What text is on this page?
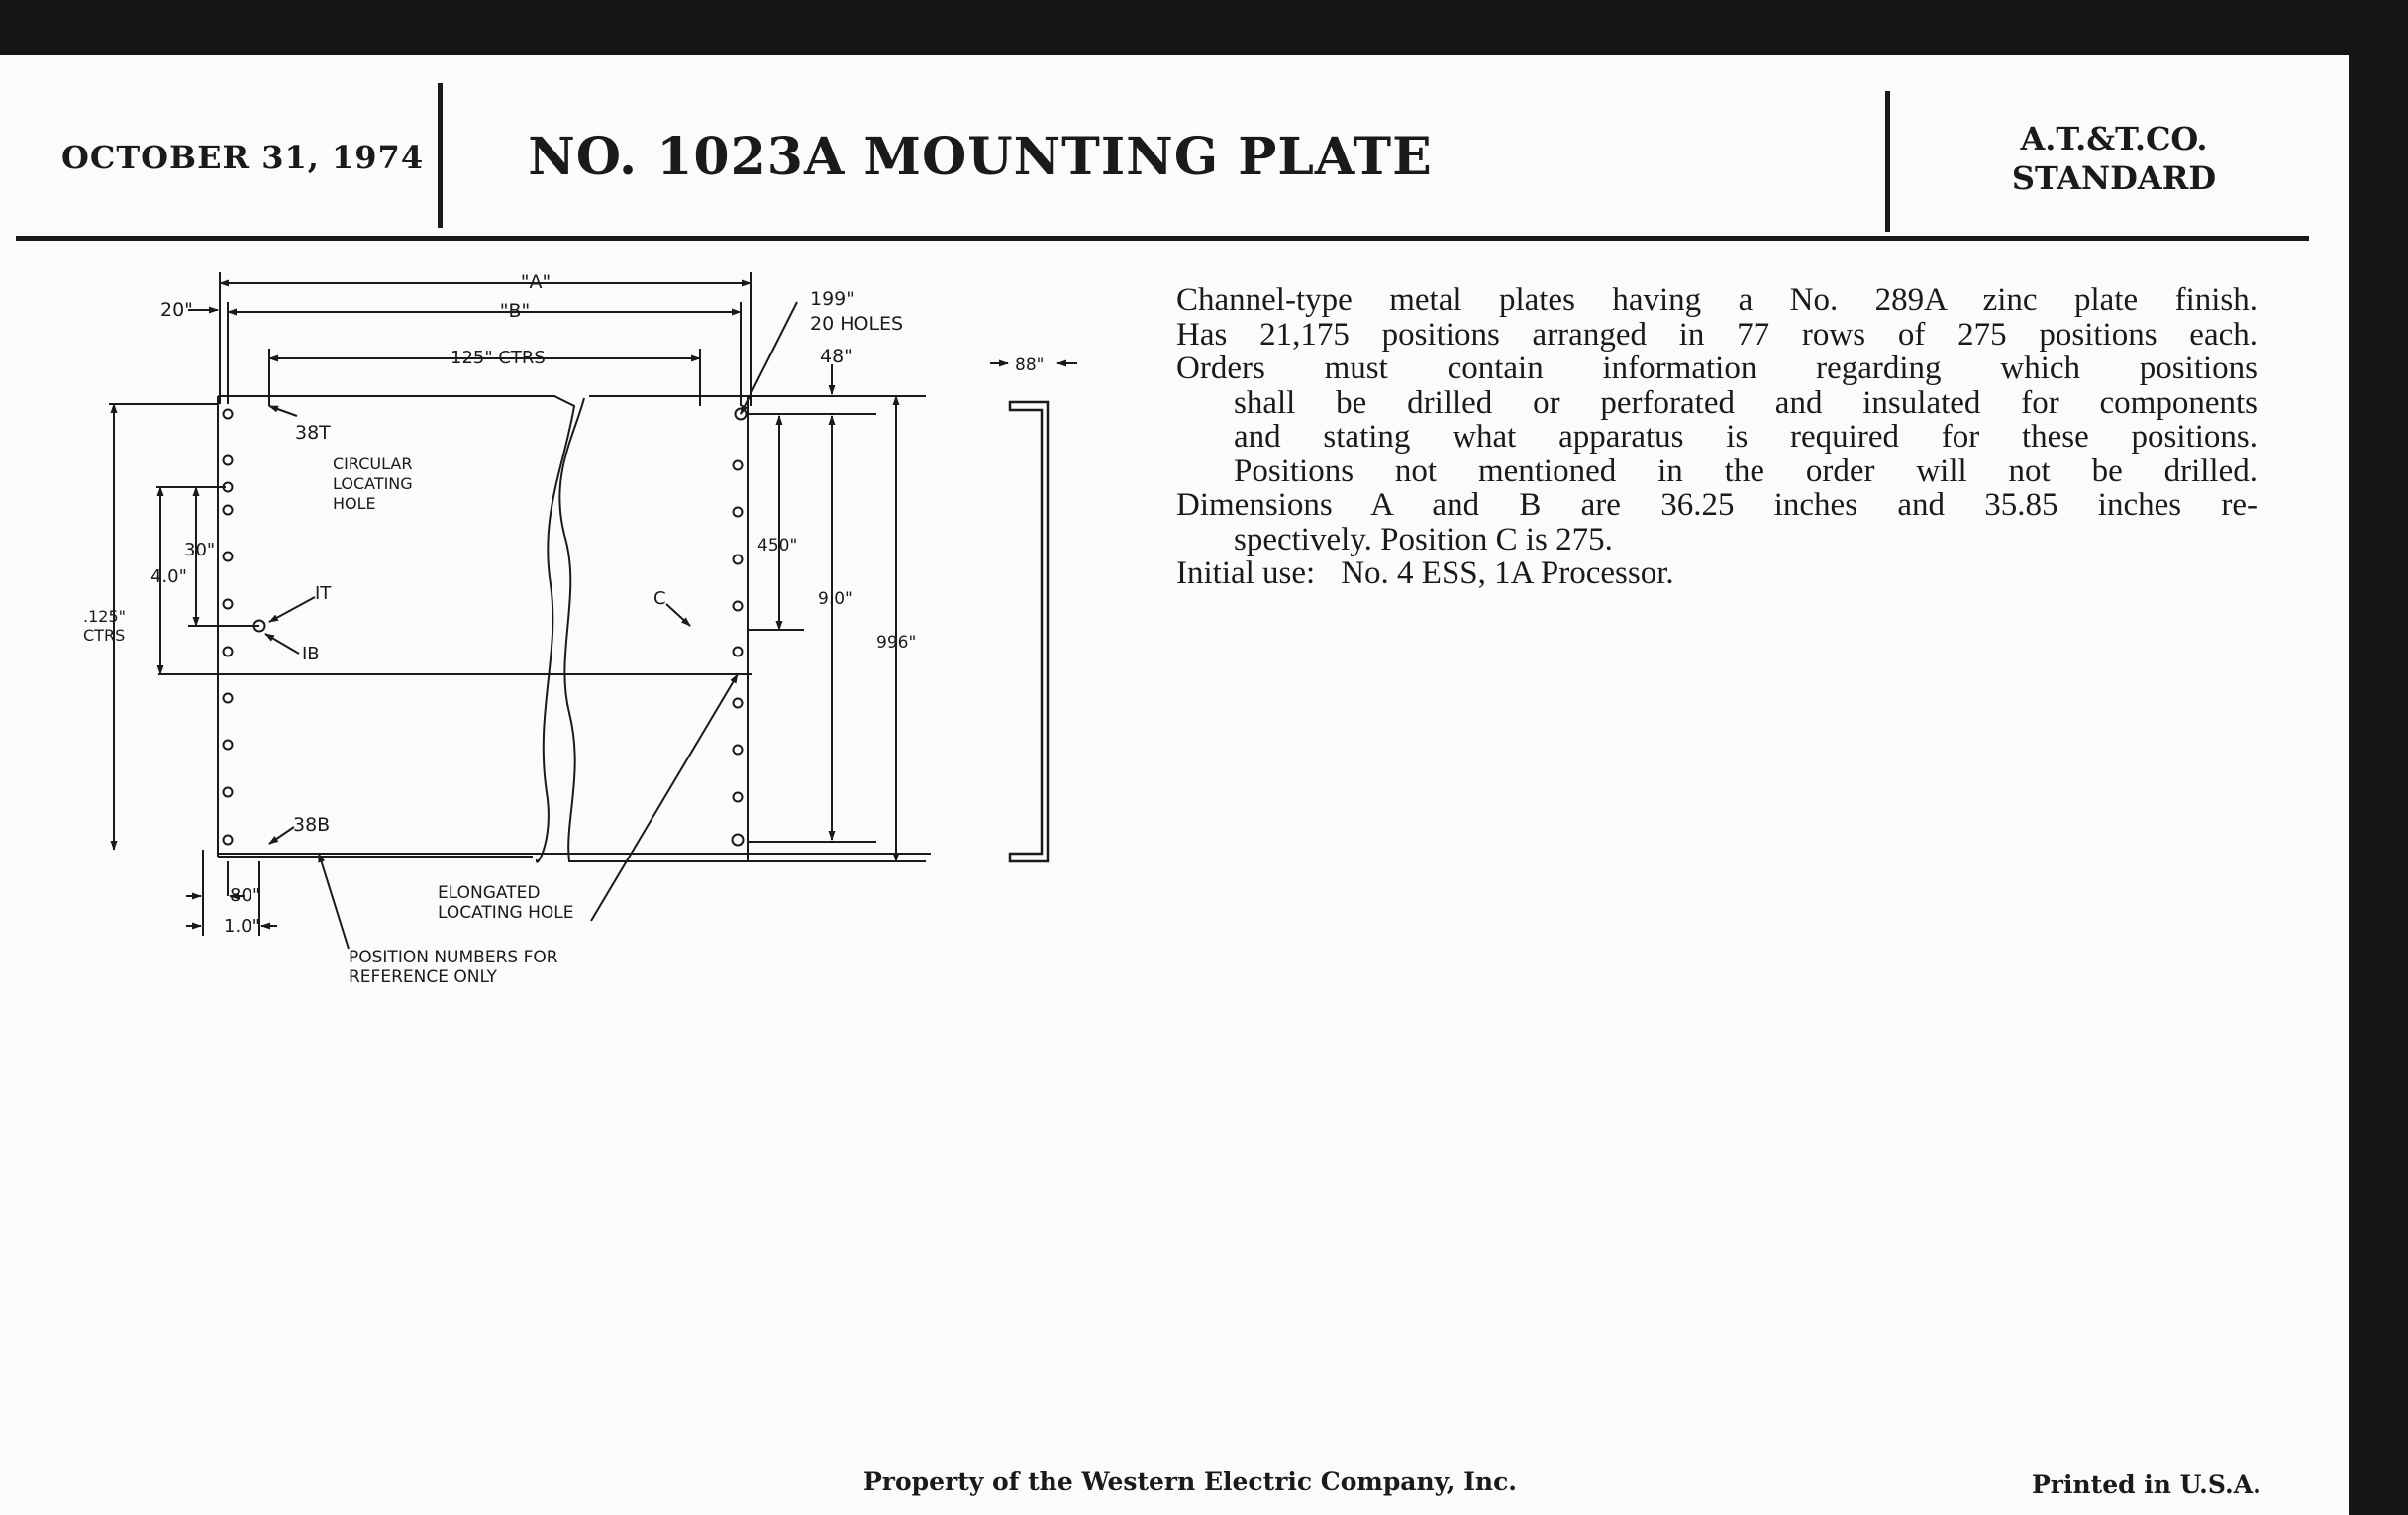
OCTOBER 31, 1974	NO. 1023A MOUNTING PLATE	A.T.&T.CO.
STANDARD

Channel-type metal plates having a No. 289A zinc plate finish.

Has 21,175 positions arranged in 77 rows of 275 positions each.

Orders must contain information regarding which positions

shall be drilled or perforated and insulated for components

and stating what apparatus is required for these positions.

Positions not mentioned in the order will not be drilled.

Dimensions A and B are 36.25 inches and 35.85 inches re-

spectively. Position C is 275.

Initial use: No. 4 ESS, 1A Processor.

"A"
"B"
20"
125" CTRS
199"
20 HOLES
48"	88"
38T
CIRCULAR
LOCATING
HOLE
30"
4.0"
.125"
CTRS
IT
IB
C
450"
9.0"
996"
38B
80"
1.0"
ELONGATED
LOCATING HOLE
POSITION NUMBERS FOR
REFERENCE ONLY
Property of the Western Electric Company, Inc.	Printed in U.S.A.
